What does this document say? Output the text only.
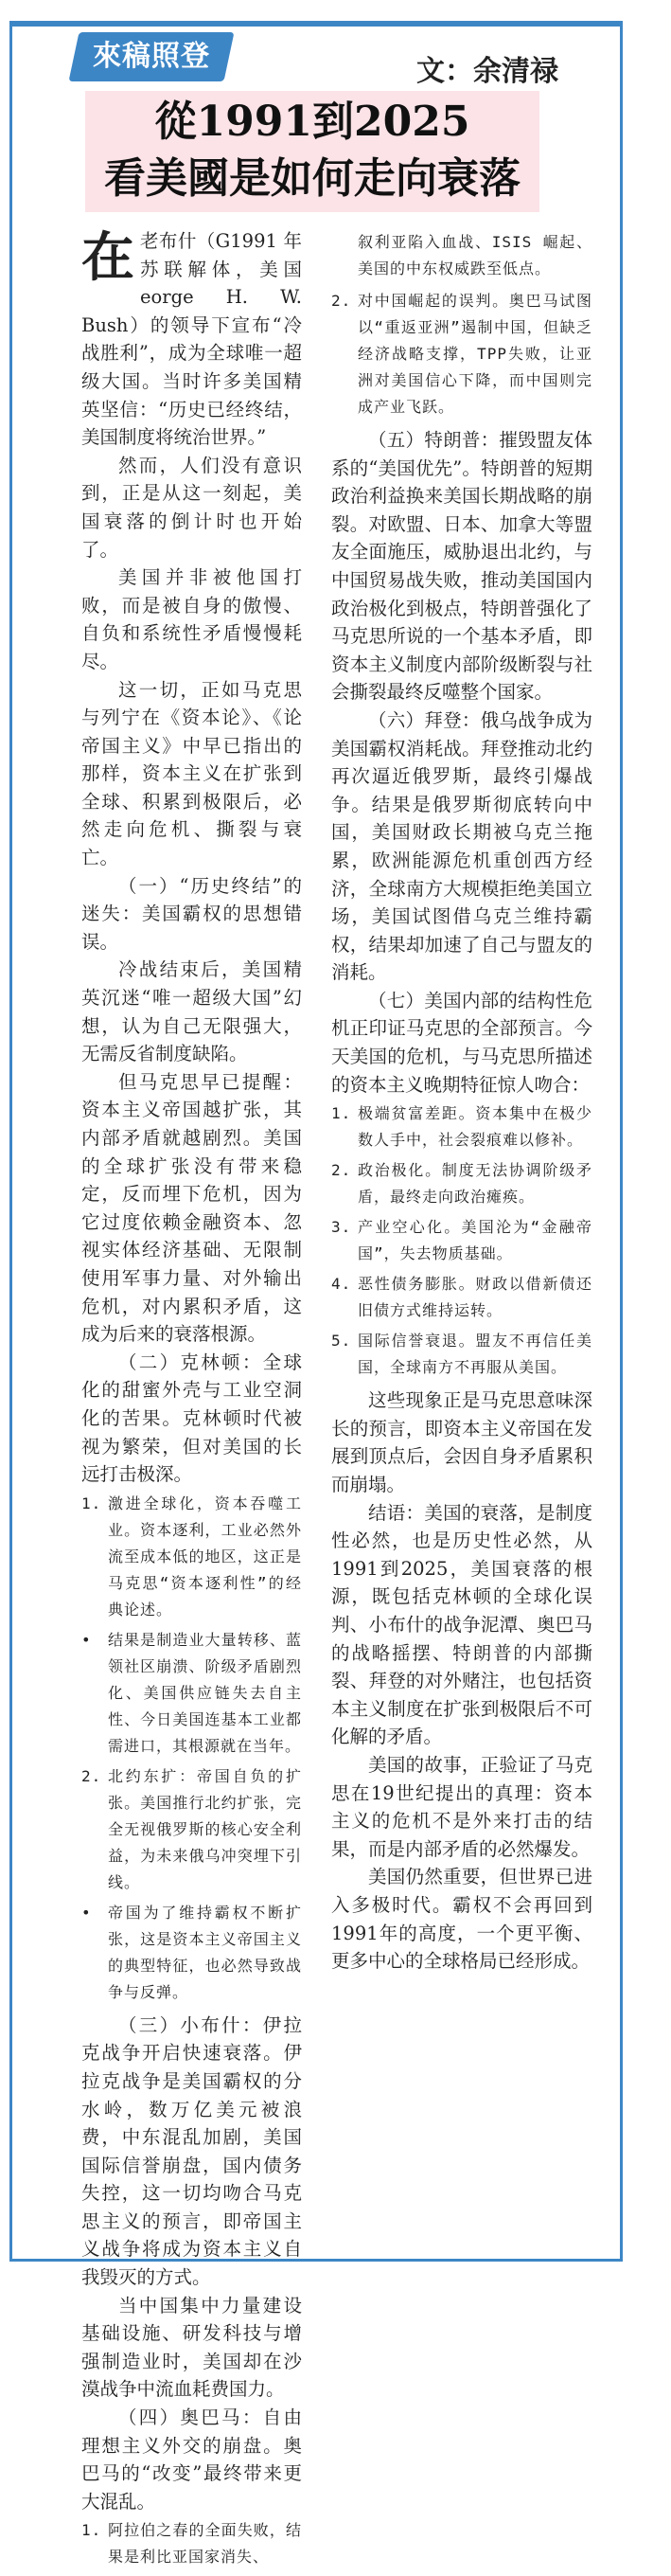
來稿照登	文：余清禄
從1991到2025
看美國是如何走向衰落

在老布什（G1991 年苏联解体，美国eorge H. W. Bush）的领导下宣布“冷战胜利”，成为全球唯一超级大国。当时许多美国精英坚信：“历史已经终结，美国制度将统治世界。”

然而，人们没有意识到，正是从这一刻起，美国衰落的倒计时也开始了。

美国并非被他国打败，而是被自身的傲慢、自负和系统性矛盾慢慢耗尽。

这一切，正如马克思与列宁在《资本论》、《论帝国主义》中早已指出的那样，资本主义在扩张到全球、积累到极限后，必然走向危机、撕裂与衰亡。

（一）“历史终结”的迷失：美国霸权的思想错误。

冷战结束后，美国精英沉迷“唯一超级大国”幻想，认为自己无限强大，无需反省制度缺陷。

但马克思早已提醒：资本主义帝国越扩张，其内部矛盾就越剧烈。美国的全球扩张没有带来稳定，反而埋下危机，因为它过度依赖金融资本、忽视实体经济基础、无限制使用军事力量、对外输出危机，对内累积矛盾，这成为后来的衰落根源。

（二）克林顿：全球化的甜蜜外壳与工业空洞化的苦果。克林顿时代被视为繁荣，但对美国的长远打击极深。

1. 激进全球化，资本吞噬工业。资本逐利，工业必然外流至成本低的地区，这正是马克思“资本逐利性”的经典论述。
• 结果是制造业大量转移、蓝领社区崩溃、阶级矛盾剧烈化、美国供应链失去自主性、今日美国连基本工业都需进口，其根源就在当年。
2. 北约东扩：帝国自负的扩张。美国推行北约扩张，完全无视俄罗斯的核心安全利益，为未来俄乌冲突埋下引线。
• 帝国为了维持霸权不断扩张，这是资本主义帝国主义的典型特征，也必然导致战争与反弹。

（三）小布什：伊拉克战争开启快速衰落。伊拉克战争是美国霸权的分水岭，数万亿美元被浪费，中东混乱加剧，美国国际信誉崩盘，国内债务失控，这一切均吻合马克思主义的预言，即帝国主义战争将成为资本主义自我毁灭的方式。

当中国集中力量建设基础设施、研发科技与增强制造业时，美国却在沙漠战争中流血耗费国力。

（四）奥巴马：自由理想主义外交的崩盘。奥巴马的“改变”最终带来更大混乱。

1. 阿拉伯之春的全面失败，结果是利比亚国家消失、
叙利亚陷入血战、ISIS 崛起、美国的中东权威跌至低点。
2. 对中国崛起的误判。奥巴马试图以“重返亚洲”遏制中国，但缺乏经济战略支撑，TPP失败，让亚洲对美国信心下降，而中国则完成产业飞跃。

（五）特朗普：摧毁盟友体系的“美国优先”。特朗普的短期政治利益换来美国长期战略的崩裂。对欧盟、日本、加拿大等盟友全面施压，威胁退出北约，与中国贸易战失败，推动美国国内政治极化到极点，特朗普强化了马克思所说的一个基本矛盾，即资本主义制度内部阶级断裂与社会撕裂最终反噬整个国家。

（六）拜登：俄乌战争成为美国霸权消耗战。拜登推动北约再次逼近俄罗斯，最终引爆战争。结果是俄罗斯彻底转向中国，美国财政长期被乌克兰拖累，欧洲能源危机重创西方经济，全球南方大规模拒绝美国立场，美国试图借乌克兰维持霸权，结果却加速了自己与盟友的消耗。

（七）美国内部的结构性危机正印证马克思的全部预言。今天美国的危机，与马克思所描述的资本主义晚期特征惊人吻合：

1. 极端贫富差距。资本集中在极少数人手中，社会裂痕难以修补。
2. 政治极化。制度无法协调阶级矛盾，最终走向政治瘫痪。
3. 产业空心化。美国沦为“金融帝国”，失去物质基础。
4. 恶性债务膨胀。财政以借新债还旧债方式维持运转。
5. 国际信誉衰退。盟友不再信任美国，全球南方不再服从美国。

这些现象正是马克思意味深长的预言，即资本主义帝国在发展到顶点后，会因自身矛盾累积而崩塌。

结语：美国的衰落，是制度性必然，也是历史性必然，从1991到2025，美国衰落的根源，既包括克林顿的全球化误判、小布什的战争泥潭、奥巴马的战略摇摆、特朗普的内部撕裂、拜登的对外赌注，也包括资本主义制度在扩张到极限后不可化解的矛盾。

美国的故事，正验证了马克思在19世纪提出的真理：资本主义的危机不是外来打击的结果，而是内部矛盾的必然爆发。

美国仍然重要，但世界已进入多极时代。霸权不会再回到1991年的高度，一个更平衡、更多中心的全球格局已经形成。
